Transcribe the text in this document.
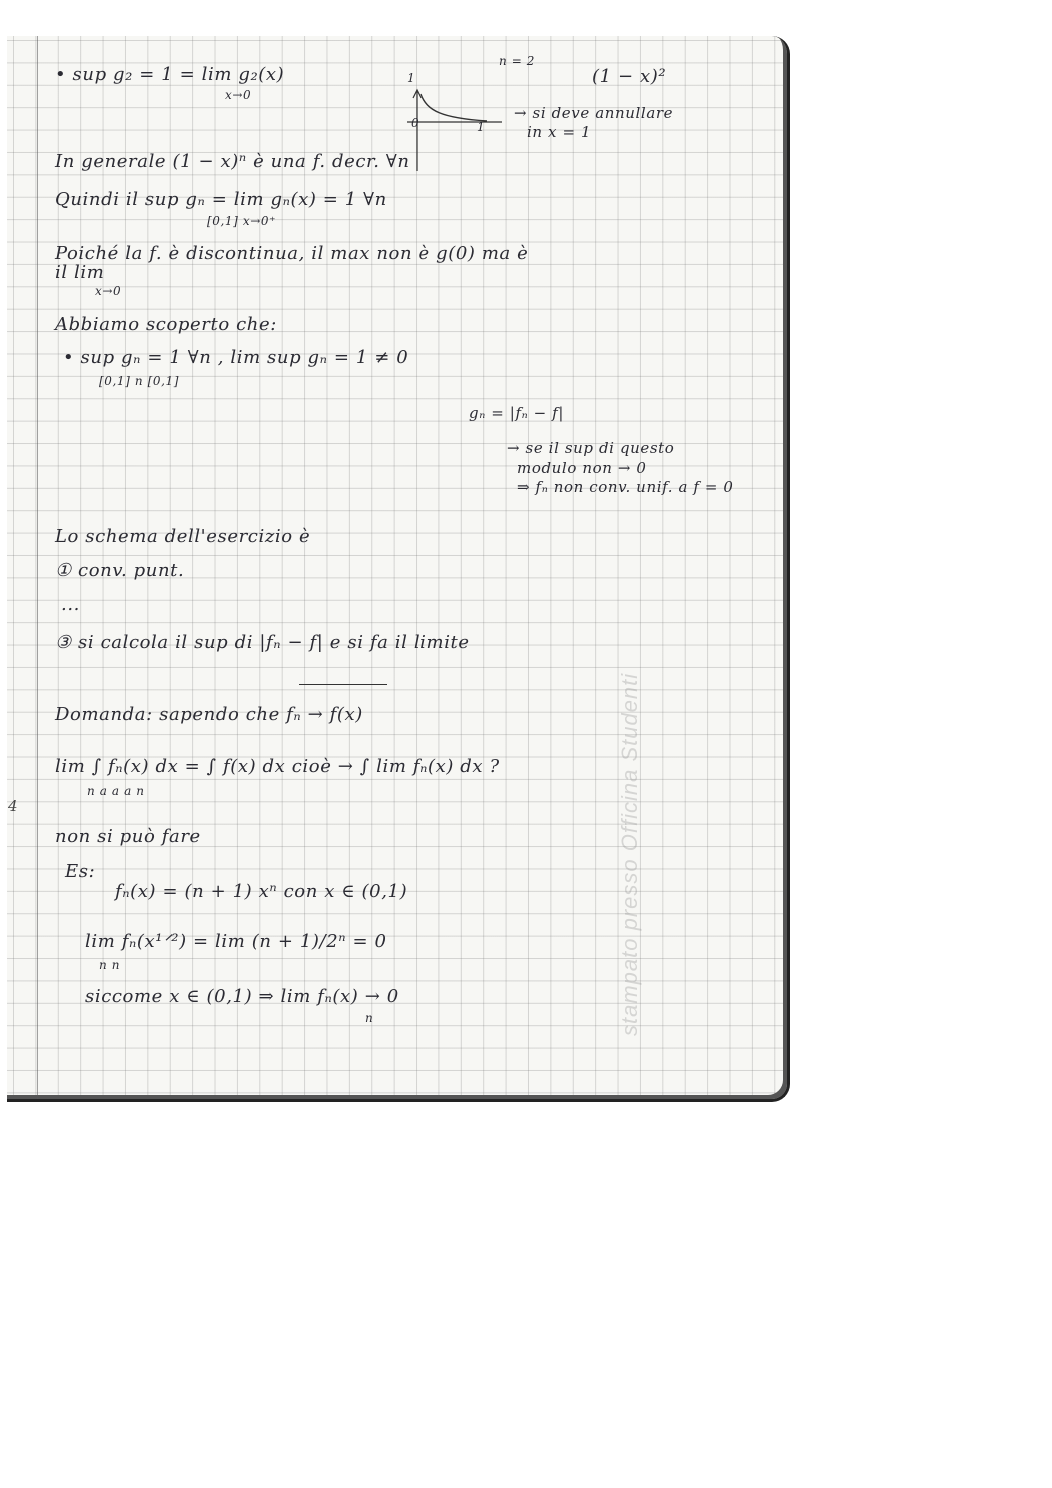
• sup g₂ = 1 = lim g₂(x)
x→0
1
0	1
n = 2
(1 − x)²
→ si deve annullare
in x = 1
In generale (1 − x)ⁿ è una f. decr. ∀n
Quindi il sup gₙ = lim gₙ(x) = 1 ∀n
[0,1] x→0⁺
Poiché la f. è discontinua, il max non è g(0) ma è
il lim
x→0
Abbiamo scoperto che:
• sup gₙ = 1 ∀n , lim sup gₙ = 1 ≠ 0
[0,1] n [0,1]
gₙ = |fₙ − f|
→ se il sup di questo
modulo non → 0
⇒ fₙ non conv. unif. a f = 0
Lo schema dell'esercizio è
① conv. punt.
...
③ si calcola il sup di |fₙ − f| e si fa il limite
Domanda: sapendo che fₙ → f(x)
lim ∫ fₙ(x) dx = ∫ f(x) dx cioè → ∫ lim fₙ(x) dx ?
n a a a n
non si può fare
Es:
fₙ(x) = (n + 1) xⁿ con x ∈ (0,1)
lim fₙ(x¹ᐟ²) = lim (n + 1)/2ⁿ = 0
n n
siccome x ∈ (0,1) ⇒ lim fₙ(x) → 0
n	stampato presso Officina Studenti
4
